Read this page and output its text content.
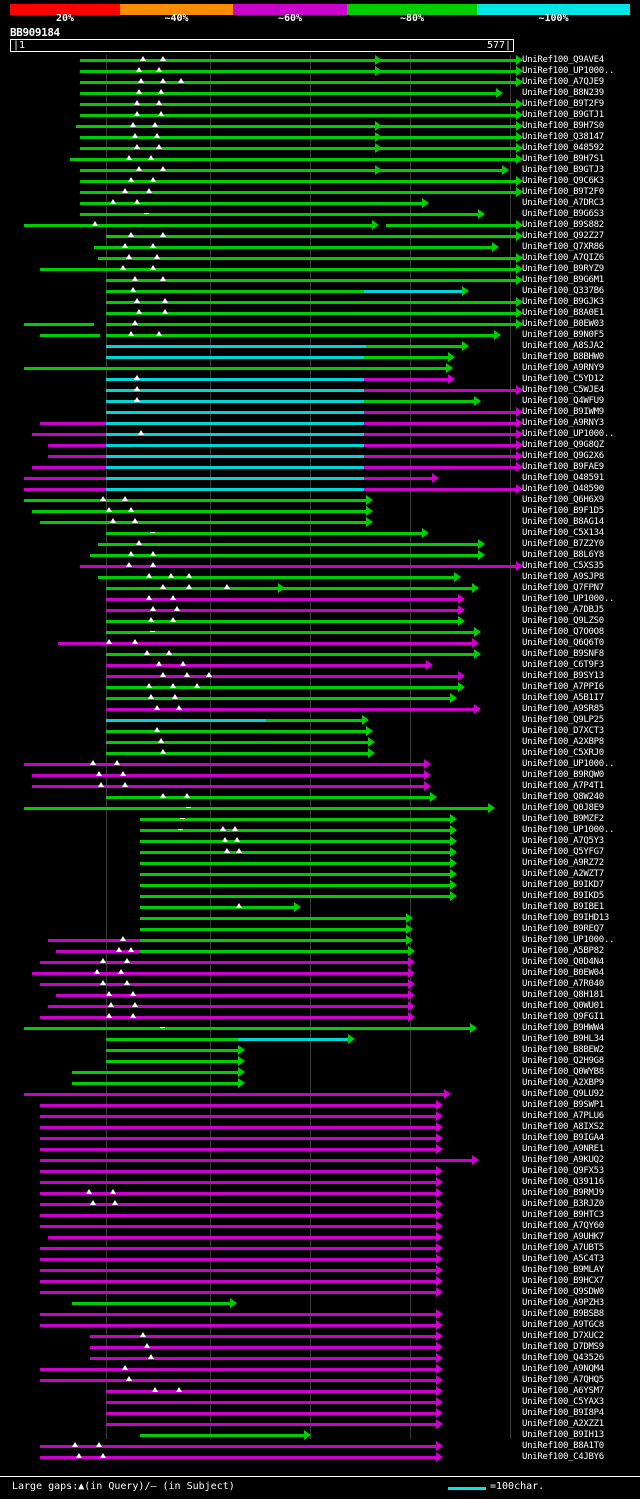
20%	~40%	~60%	~80%	~100%
BB909184
|1	577|
UniRef100_Q9AVE4
UniRef100_UP1000..
UniRef100_A7QJE9
UniRef100_B8N239
UniRef100_B9T2F9
UniRef100_B9GTJ1
UniRef100_B9H7S0
UniRef100_Q38147
UniRef100_048592
UniRef100_B9H7S1
UniRef100_B9GTJ3
UniRef100_Q9C6K3
UniRef100_B9T2F0
UniRef100_A7DRC3
UniRef100_B9G6S3
UniRef100_B9S882
UniRef100_Q92Z27
UniRef100_Q7XR86
UniRef100_A7QIZ6
UniRef100_B9RYZ9
UniRef100_B9G6M1
UniRef100_Q337B6
UniRef100_B9GJK3
UniRef100_B8A0E1
UniRef100_B0EW03
UniRef100_B9N0F5
UniRef100_A8SJA2
UniRef100_B8BHW0
UniRef100_A9RNY9
UniRef100_C5YD12
UniRef100_C5WJE4
UniRef100_Q4WFU9
UniRef100_B9IWM9
UniRef100_A9RNY3
UniRef100_UP1000..
UniRef100_Q9G8QZ
UniRef100_Q9G2X6
UniRef100_B9FAE9
UniRef100_O48591
UniRef100_O48590
UniRef100_Q6H6X9
UniRef100_B9F1D5
UniRef100_B8AG14
UniRef100_C5X134
UniRef100_B7Z2Y0
UniRef100_B8L6Y8
UniRef100_C5XS35
UniRef100_A9SJP8
UniRef100_Q7FPN7
UniRef100_UP1000..
UniRef100_A7DBJ5
UniRef100_Q9LZS0
UniRef100_Q7O0O8
UniRef100_Q6Q6T0
UniRef100_B9SNF8
UniRef100_C6T9F3
UniRef100_B9SY13
UniRef100_A7PPI6
UniRef100_A5B1I7
UniRef100_A9SR85
UniRef100_Q9LP25
UniRef100_D7XCT3
UniRef100_A2XBP8
UniRef100_C5XRJ0
UniRef100_UP1000..
UniRef100_B9RQW0
UniRef100_A7P4T1
UniRef100_Q8W240
UniRef100_Q0J8E9
UniRef100_B9MZF2
UniRef100_UP1000..
UniRef100_A7Q5Y3
UniRef100_Q5YFG7
UniRef100_A9RZ72
UniRef100_A2WZT7
UniRef100_B9IKD7
UniRef100_B9IKD5
UniRef100_B9IBE1
UniRef100_B9IHD13
UniRef100_B9REQ7
UniRef100_UP1000..
UniRef100_A5BP82
UniRef100_Q0D4N4
UniRef100_B0EW04
UniRef100_A7R040
UniRef100_Q8H181
UniRef100_Q0WU01
UniRef100_Q9FGI1
UniRef100_B9HWW4
UniRef100_B9HL34
UniRef100_B8BEW2
UniRef100_Q2H9G8
UniRef100_Q0WYB8
UniRef100_A2XBP9
UniRef100_Q9LU92
UniRef100_B9SWP1
UniRef100_A7PLU6
UniRef100_A8IXS2
UniRef100_B9IGA4
UniRef100_A9NRE1
UniRef100_A9KUQ2
UniRef100_Q9FX53
UniRef100_Q39116
UniRef100_B9RMJ9
UniRef100_B3RJZ0
UniRef100_B9HTC3
UniRef100_A7QY60
UniRef100_A9UHK7
UniRef100_A7UBT5
UniRef100_A5C4T3
UniRef100_B9MLAY
UniRef100_B9HCX7
UniRef100_Q9SDW0
UniRef100_A9PZH3
UniRef100_B9BSB8
UniRef100_A9TGC8
UniRef100_D7XUC2
UniRef100_D7DMS9
UniRef100_Q43526
UniRef100_A9NQM4
UniRef100_A7QHQ5
UniRef100_A6YSM7
UniRef100_C5YAX3
UniRef100_B9I8P4
UniRef100_A2XZZ1
UniRef100_B9IH13
UniRef100_B8A1T0
UniRef100_C4JBY6
Large gaps:▲(in Query)/– (in Subject)	=100char.
